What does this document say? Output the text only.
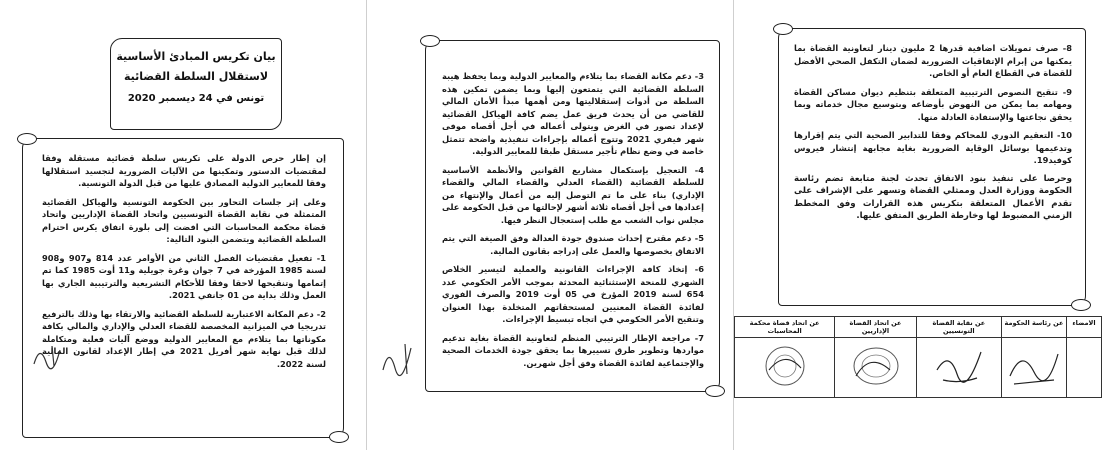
بيان تكريس المبادئ الأساسية
لاستقلال السلطة القضائية
تونس في 24 ديسمبر 2020

إن إطار حرص الدولة على تكريس سلطة قضائية مستقلة وفقا لمقتضيات الدستور وتمكينها من الآليات الضرورية لتجسيد استقلالها وفقا للمعايير الدولية المصادق عليها من قبل الدولة التونسية.

وعلى إثر جلسات التحاور بين الحكومة التونسية والهياكل القضائية المتمثلة في نقابة القضاة التونسيين واتحاد القضاة الإداريين واتحاد قضاة محكمة المحاسبات التي افضت إلى بلورة اتفاق يكرس احترام السلطة القضائية ويتضمن البنود التالية:

1- تفعيل مقتضيات الفصل الثاني من الأوامر عدد 814 و907 و908 لسنة 1985 المؤرخة في 7 جوان وغرة جويلية و11 أوت 1985 كما تم إتمامها وتنقيحها لاحقا وفقا للأحكام التشريعية والترتيبية الجاري بها العمل وذلك بداية من 01 جانفي 2021.

2- دعم المكانة الاعتبارية للسلطة القضائية والارتقاء بها وذلك بالترفيع تدريجيا في الميزانية المخصصة للقضاء العدلي والإداري والمالي بكافة مكوناتها بما يتلاءم مع المعايير الدولية ووضع آليات فعلية ومتكاملة لذلك قبل نهاية شهر أفريل 2021 في إطار الإعداد لقانون المالية لسنة 2022.

3- دعم مكانة القضاء بما يتلاءم والمعايير الدولية وبما يحفظ هيبة السلطة القضائية التي يتمتعون إليها وبما يضمن تمكين هذه السلطة من أدوات إستقلاليتها ومن أهمها مبدأ الأمان المالي للقاضي من أن يحدث فريق عمل يضم كافة الهياكل القضائية لإعداد تصور في الغرض ويتولى أعماله في أجل أقصاه موفى شهر فيفري 2021 وتتوج أعماله بإجراءات تنفيذية واضحة تتمثل خاصة في وضع نظام تأجير مستقل طبقا للمعايير الدولية.

4- التعجيل بإستكمال مشاريع القوانين والأنظمة الأساسية للسلطة القضائية (القضاء العدلي والقضاء المالي والقضاء الإداري) بناء على ما تم التوصل إليه من أعمال والإنتهاء من إعدادها في أجل أقصاه ثلاثة أشهر لإحالتها من قبل الحكومة على مجلس نواب الشعب مع طلب إستعجال النظر فيها.

5- دعم مقترح إحداث صندوق جودة العدالة وفق الصيغة التي يتم الاتفاق بخصوصها والعمل على إدراجه بقانون المالية.

6- إتخاذ كافة الإجراءات القانونية والعملية لتيسير الخلاص الشهري للمنحة الإستثنائية المحدثة بموجب الأمر الحكومي عدد 654 لسنة 2019 المؤرخ في 05 أوت 2019 والصرف الفوري لفائدة القضاة المعنيين لمستحقاتهم المتخلدة بهذا العنوان وتنقيح الأمر الحكومي في اتجاه تبسيط الإجراءات.

7- مراجعة الإطار الترتيبي المنظم لتعاونية القضاة بغاية تدعيم مواردها وتطوير طرق تسييرها بما يحقق جودة الخدمات الصحية والإجتماعية لفائدة القضاة وفق أجل شهرين.

8- صرف تمويلات اضافية قدرها 2 مليون دينار لتعاونية القضاة بما يمكنها من إبرام الإتفاقيات الضرورية لضمان التكفل الصحي الأفضل للقضاة في القطاع العام أو الخاص.

9- تنقيح النصوص الترتيبية المتعلقة بتنظيم ديوان مساكن القضاة ومهامه بما يمكن من النهوض بأوضاعه وبتوسيع مجال خدماته وبما يحقق نجاعتها والإستفادة العادلة منها.

10- التعقيم الدوري للمحاكم وفقا للتدابير الصحية التي يتم إقرارها وتدعيمها بوسائل الوقاية الضرورية بغاية مجابهة إنتشار فيروس كوفيد19.

وحرصا على تنفيذ بنود الاتفاق تحدث لجنة متابعة تضم رئاسة الحكومة ووزارة العدل وممثلي القضاة وتسهر على الإشراف على تقدم الأعمال المتعلقة بتكريس هذه القرارات وفق المخطط الزمني المضبوط لها وخارطة الطريق المتفق عليها.

الامضاء	عن رئاسة الحكومة	عن نقابة القضاة التونسيين	عن اتحاد القضاة الإداريين	عن اتحاد قضاة محكمة المحاسبات
